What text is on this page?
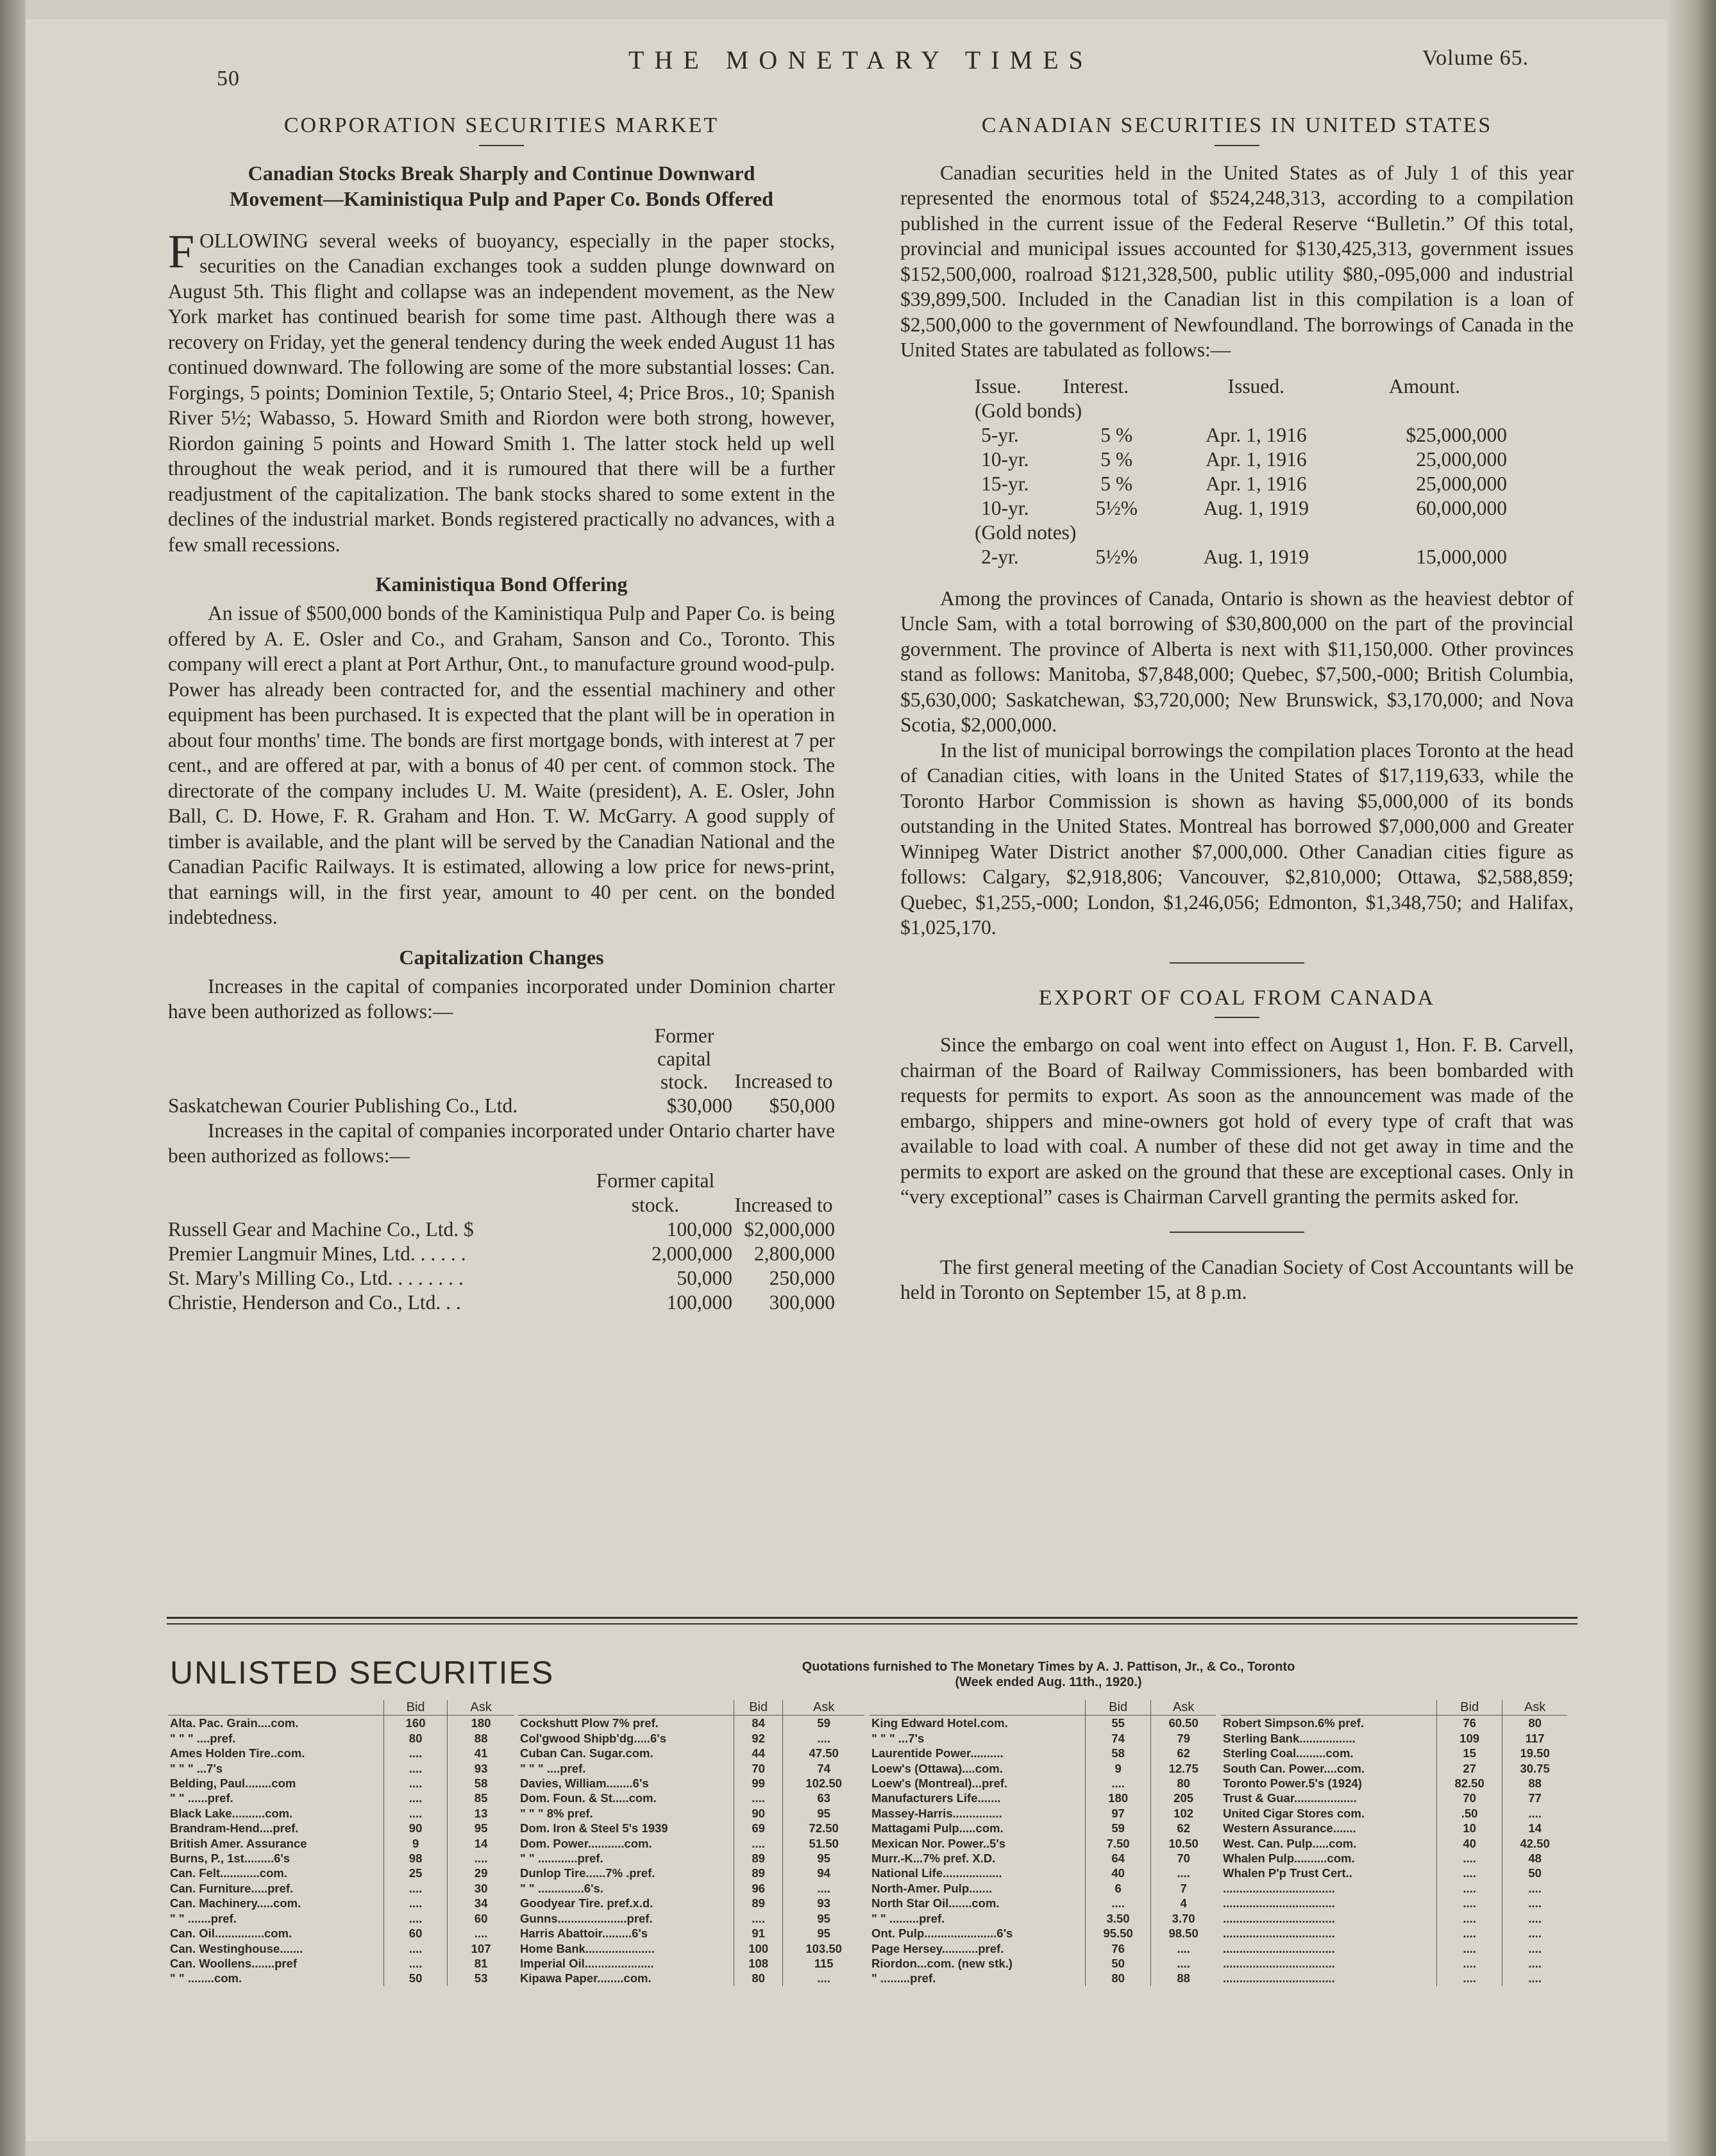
50
THE MONETARY TIMES	Volume 65.
CORPORATION SECURITIES MARKET
Canadian Stocks Break Sharply and Continue Downward Movement—Kaministiqua Pulp and Paper Co. Bonds Offered

FOLLOWING several weeks of buoyancy, especially in the paper stocks, securities on the Canadian exchanges took a sudden plunge downward on August 5th. This flight and collapse was an independent movement, as the New York market has continued bearish for some time past. Although there was a recovery on Friday, yet the general tendency during the week ended August 11 has continued downward. The following are some of the more substantial losses: Can. Forgings, 5 points; Dominion Textile, 5; Ontario Steel, 4; Price Bros., 10; Spanish River 5½; Wabasso, 5. Howard Smith and Riordon were both strong, however, Riordon gaining 5 points and Howard Smith 1. The latter stock held up well throughout the weak period, and it is rumoured that there will be a further readjustment of the capitalization. The bank stocks shared to some extent in the declines of the industrial market. Bonds registered practically no advances, with a few small recessions.

Kaministiqua Bond Offering

An issue of $500,000 bonds of the Kaministiqua Pulp and Paper Co. is being offered by A. E. Osler and Co., and Graham, Sanson and Co., Toronto. This company will erect a plant at Port Arthur, Ont., to manufacture ground wood-pulp. Power has already been contracted for, and the essential machinery and other equipment has been purchased. It is expected that the plant will be in operation in about four months' time. The bonds are first mortgage bonds, with interest at 7 per cent., and are offered at par, with a bonus of 40 per cent. of common stock. The directorate of the company includes U. M. Waite (president), A. E. Osler, John Ball, C. D. Howe, F. R. Graham and Hon. T. W. McGarry. A good supply of timber is available, and the plant will be served by the Canadian National and the Canadian Pacific Railways. It is estimated, allowing a low price for news-print, that earnings will, in the first year, amount to 40 per cent. on the bonded indebtedness.

Capitalization Changes

Increases in the capital of companies incorporated under Dominion charter have been authorized as follows:—

	Former capital stock.	Increased to
Saskatchewan Courier Publishing Co., Ltd.	$30,000	$50,000

Increases in the capital of companies incorporated under Ontario charter have been authorized as follows:—

	Former capital stock.	Increased to
Russell Gear and Machine Co., Ltd. $	100,000	$2,000,000
Premier Langmuir Mines, Ltd. . . . . .	2,000,000	2,800,000
St. Mary's Milling Co., Ltd. . . . . . . .	50,000	250,000
Christie, Henderson and Co., Ltd. . .	100,000	300,000
CANADIAN SECURITIES IN UNITED STATES

Canadian securities held in the United States as of July 1 of this year represented the enormous total of $524,248,313, according to a compilation published in the current issue of the Federal Reserve “Bulletin.” Of this total, provincial and municipal issues accounted for $130,425,313, government issues $152,500,000, roalroad $121,328,500, public utility $80,-095,000 and industrial $39,899,500. Included in the Canadian list in this compilation is a loan of $2,500,000 to the government of Newfoundland. The borrowings of Canada in the United States are tabulated as follows:—

Issue.	Interest.	Issued.	Amount.
(Gold bonds)			
5-yr.	5 %	Apr. 1, 1916	$25,000,000
10-yr.	5 %	Apr. 1, 1916	25,000,000
15-yr.	5 %	Apr. 1, 1916	25,000,000
10-yr.	5½%	Aug. 1, 1919	60,000,000
(Gold notes)			
2-yr.	5½%	Aug. 1, 1919	15,000,000

Among the provinces of Canada, Ontario is shown as the heaviest debtor of Uncle Sam, with a total borrowing of $30,800,000 on the part of the provincial government. The province of Alberta is next with $11,150,000. Other provinces stand as follows: Manitoba, $7,848,000; Quebec, $7,500,-000; British Columbia, $5,630,000; Saskatchewan, $3,720,000; New Brunswick, $3,170,000; and Nova Scotia, $2,000,000.

In the list of municipal borrowings the compilation places Toronto at the head of Canadian cities, with loans in the United States of $17,119,633, while the Toronto Harbor Commission is shown as having $5,000,000 of its bonds outstanding in the United States. Montreal has borrowed $7,000,000 and Greater Winnipeg Water District another $7,000,000. Other Canadian cities figure as follows: Calgary, $2,918,806; Vancouver, $2,810,000; Ottawa, $2,588,859; Quebec, $1,255,-000; London, $1,246,056; Edmonton, $1,348,750; and Halifax, $1,025,170.

EXPORT OF COAL FROM CANADA

Since the embargo on coal went into effect on August 1, Hon. F. B. Carvell, chairman of the Board of Railway Commissioners, has been bombarded with requests for permits to export. As soon as the announcement was made of the embargo, shippers and mine-owners got hold of every type of craft that was available to load with coal. A number of these did not get away in time and the permits to export are asked on the ground that these are exceptional cases. Only in “very exceptional” cases is Chairman Carvell granting the permits asked for.

The first general meeting of the Canadian Society of Cost Accountants will be held in Toronto on September 15, at 8 p.m.

UNLISTED SECURITIES	Quotations furnished to The Monetary Times by A. J. Pattison, Jr., & Co., Toronto
(Week ended Aug. 11th., 1920.)
	Bid	Ask
Alta. Pac. Grain....com.	160	180
" " " ....pref.	80	88
Ames Holden Tire..com.	....	41
" " " ...7's	....	93
Belding, Paul........com	....	58
" " ......pref.	....	85
Black Lake..........com.	....	13
Brandram-Hend....pref.	90	95
British Amer. Assurance	9	14
Burns, P., 1st.........6's	98	....
Can. Felt............com.	25	29
Can. Furniture.....pref.	....	30
Can. Machinery.....com.	....	34
" " .......pref.	....	60
Can. Oil...............com.	60	....
Can. Westinghouse.......	....	107
Can. Woollens.......pref	....	81
" " ........com.	50	53
	Bid	Ask
Cockshutt Plow 7% pref.	84	59
Col'gwood Shipb'dg.....6's	92	....
Cuban Can. Sugar.com.	44	47.50
" " " ....pref.	70	74
Davies, William........6's	99	102.50
Dom. Foun. & St.....com.	....	63
" " " 8% pref.	90	95
Dom. Iron & Steel 5's 1939	69	72.50
Dom. Power...........com.	....	51.50
" " ............pref.	89	95
Dunlop Tire......7% .pref.	89	94
" " ..............6's.	96	....
Goodyear Tire. pref.x.d.	89	93
Gunns.....................pref.	....	95
Harris Abattoir.........6's	91	95
Home Bank.....................	100	103.50
Imperial Oil.....................	108	115
Kipawa Paper........com.	80	....
	Bid	Ask
King Edward Hotel.com.	55	60.50
" " " ...7's	74	79
Laurentide Power..........	58	62
Loew's (Ottawa)....com.	9	12.75
Loew's (Montreal)...pref.	....	80
Manufacturers Life.......	180	205
Massey-Harris...............	97	102
Mattagami Pulp.....com.	59	62
Mexican Nor. Power..5's	7.50	10.50
Murr.-K...7% pref. X.D.	64	70
National Life..................	40	....
North-Amer. Pulp.......	6	7
North Star Oil.......com.	....	4
" " .........pref.	3.50	3.70
Ont. Pulp......................6's	95.50	98.50
Page Hersey...........pref.	76	....
Riordon...com. (new stk.)	50	....
" .........pref.	80	88
	Bid	Ask
Robert Simpson.6% pref.	76	80
Sterling Bank.................	109	117
Sterling Coal.........com.	15	19.50
South Can. Power....com.	27	30.75
Toronto Power.5's (1924)	82.50	88
Trust & Guar...................	70	77
United Cigar Stores com.	.50	....
Western Assurance.......	10	14
West. Can. Pulp.....com.	40	42.50
Whalen Pulp..........com.	....	48
Whalen P'p Trust Cert..	....	50
..................................	....	....
..................................	....	....
..................................	....	....
..................................	....	....
..................................	....	....
..................................	....	....
..................................	....	....
